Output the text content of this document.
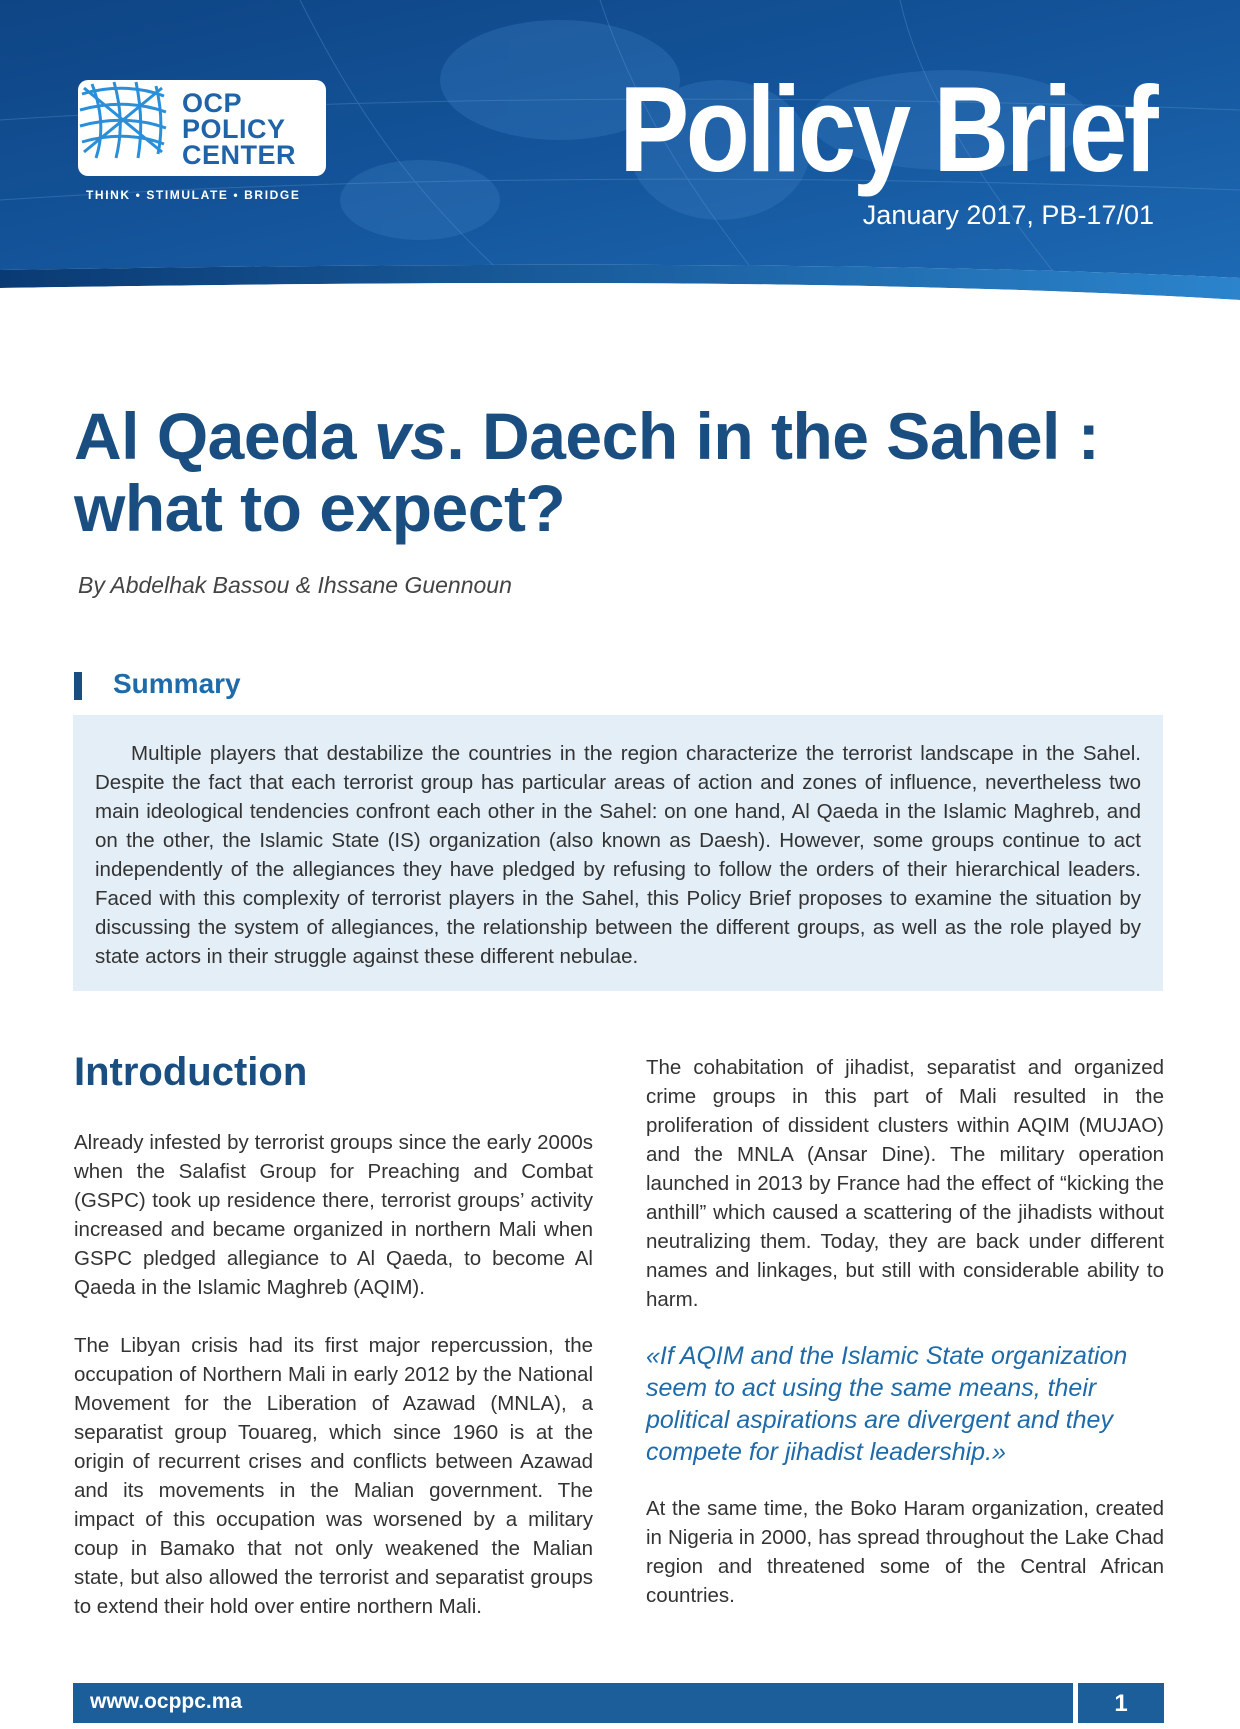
OCP
POLICY
CENTER
THINK • STIMULATE • BRIDGE	Policy Brief
January 2017, PB-17/01
Al Qaeda vs. Daech in the Sahel :
what to expect?
By Abdelhak Bassou & Ihssane Guennoun
Summary

Multiple players that destabilize the countries in the region characterize the terrorist landscape in the Sahel. Despite the fact that each terrorist group has particular areas of action and zones of influence, nevertheless two main ideological tendencies confront each other in the Sahel: on one hand, Al Qaeda in the Islamic Maghreb, and on the other, the Islamic State (IS) organization (also known as Daesh). However, some groups continue to act independently of the allegiances they have pledged by refusing to follow the orders of their hierarchical leaders. Faced with this complexity of terrorist players in the Sahel, this Policy Brief proposes to examine the situation by discussing the system of allegiances, the relationship between the different groups, as well as the role played by state actors in their struggle against these different nebulae.

Introduction

Already infested by terrorist groups since the early 2000s when the Salafist Group for Preaching and Combat (GSPC) took up residence there, terrorist groups’ activity increased and became organized in northern Mali when GSPC pledged allegiance to Al Qaeda, to become Al Qaeda in the Islamic Maghreb (AQIM).

The Libyan crisis had its first major repercussion, the occupation of Northern Mali in early 2012 by the National Movement for the Liberation of Azawad (MNLA), a separatist group Touareg, which since 1960 is at the origin of recurrent crises and conflicts between Azawad and its movements in the Malian government. The impact of this occupation was worsened by a military coup in Bamako that not only weakened the Malian state, but also allowed the terrorist and separatist groups to extend their hold over entire northern Mali.

The cohabitation of jihadist, separatist and organized crime groups in this part of Mali resulted in the proliferation of dissident clusters within AQIM (MUJAO) and the MNLA (Ansar Dine). The military operation launched in 2013 by France had the effect of “kicking the anthill” which caused a scattering of the jihadists without neutralizing them. Today, they are back under different names and linkages, but still with considerable ability to harm.

«If AQIM and the Islamic State organization seem to act using the same means, their political aspirations are divergent and they compete for jihadist leadership.»

At the same time, the Boko Haram organization, created in Nigeria in 2000, has spread throughout the Lake Chad region and threatened some of the Central African countries.

www.ocppc.ma	1
